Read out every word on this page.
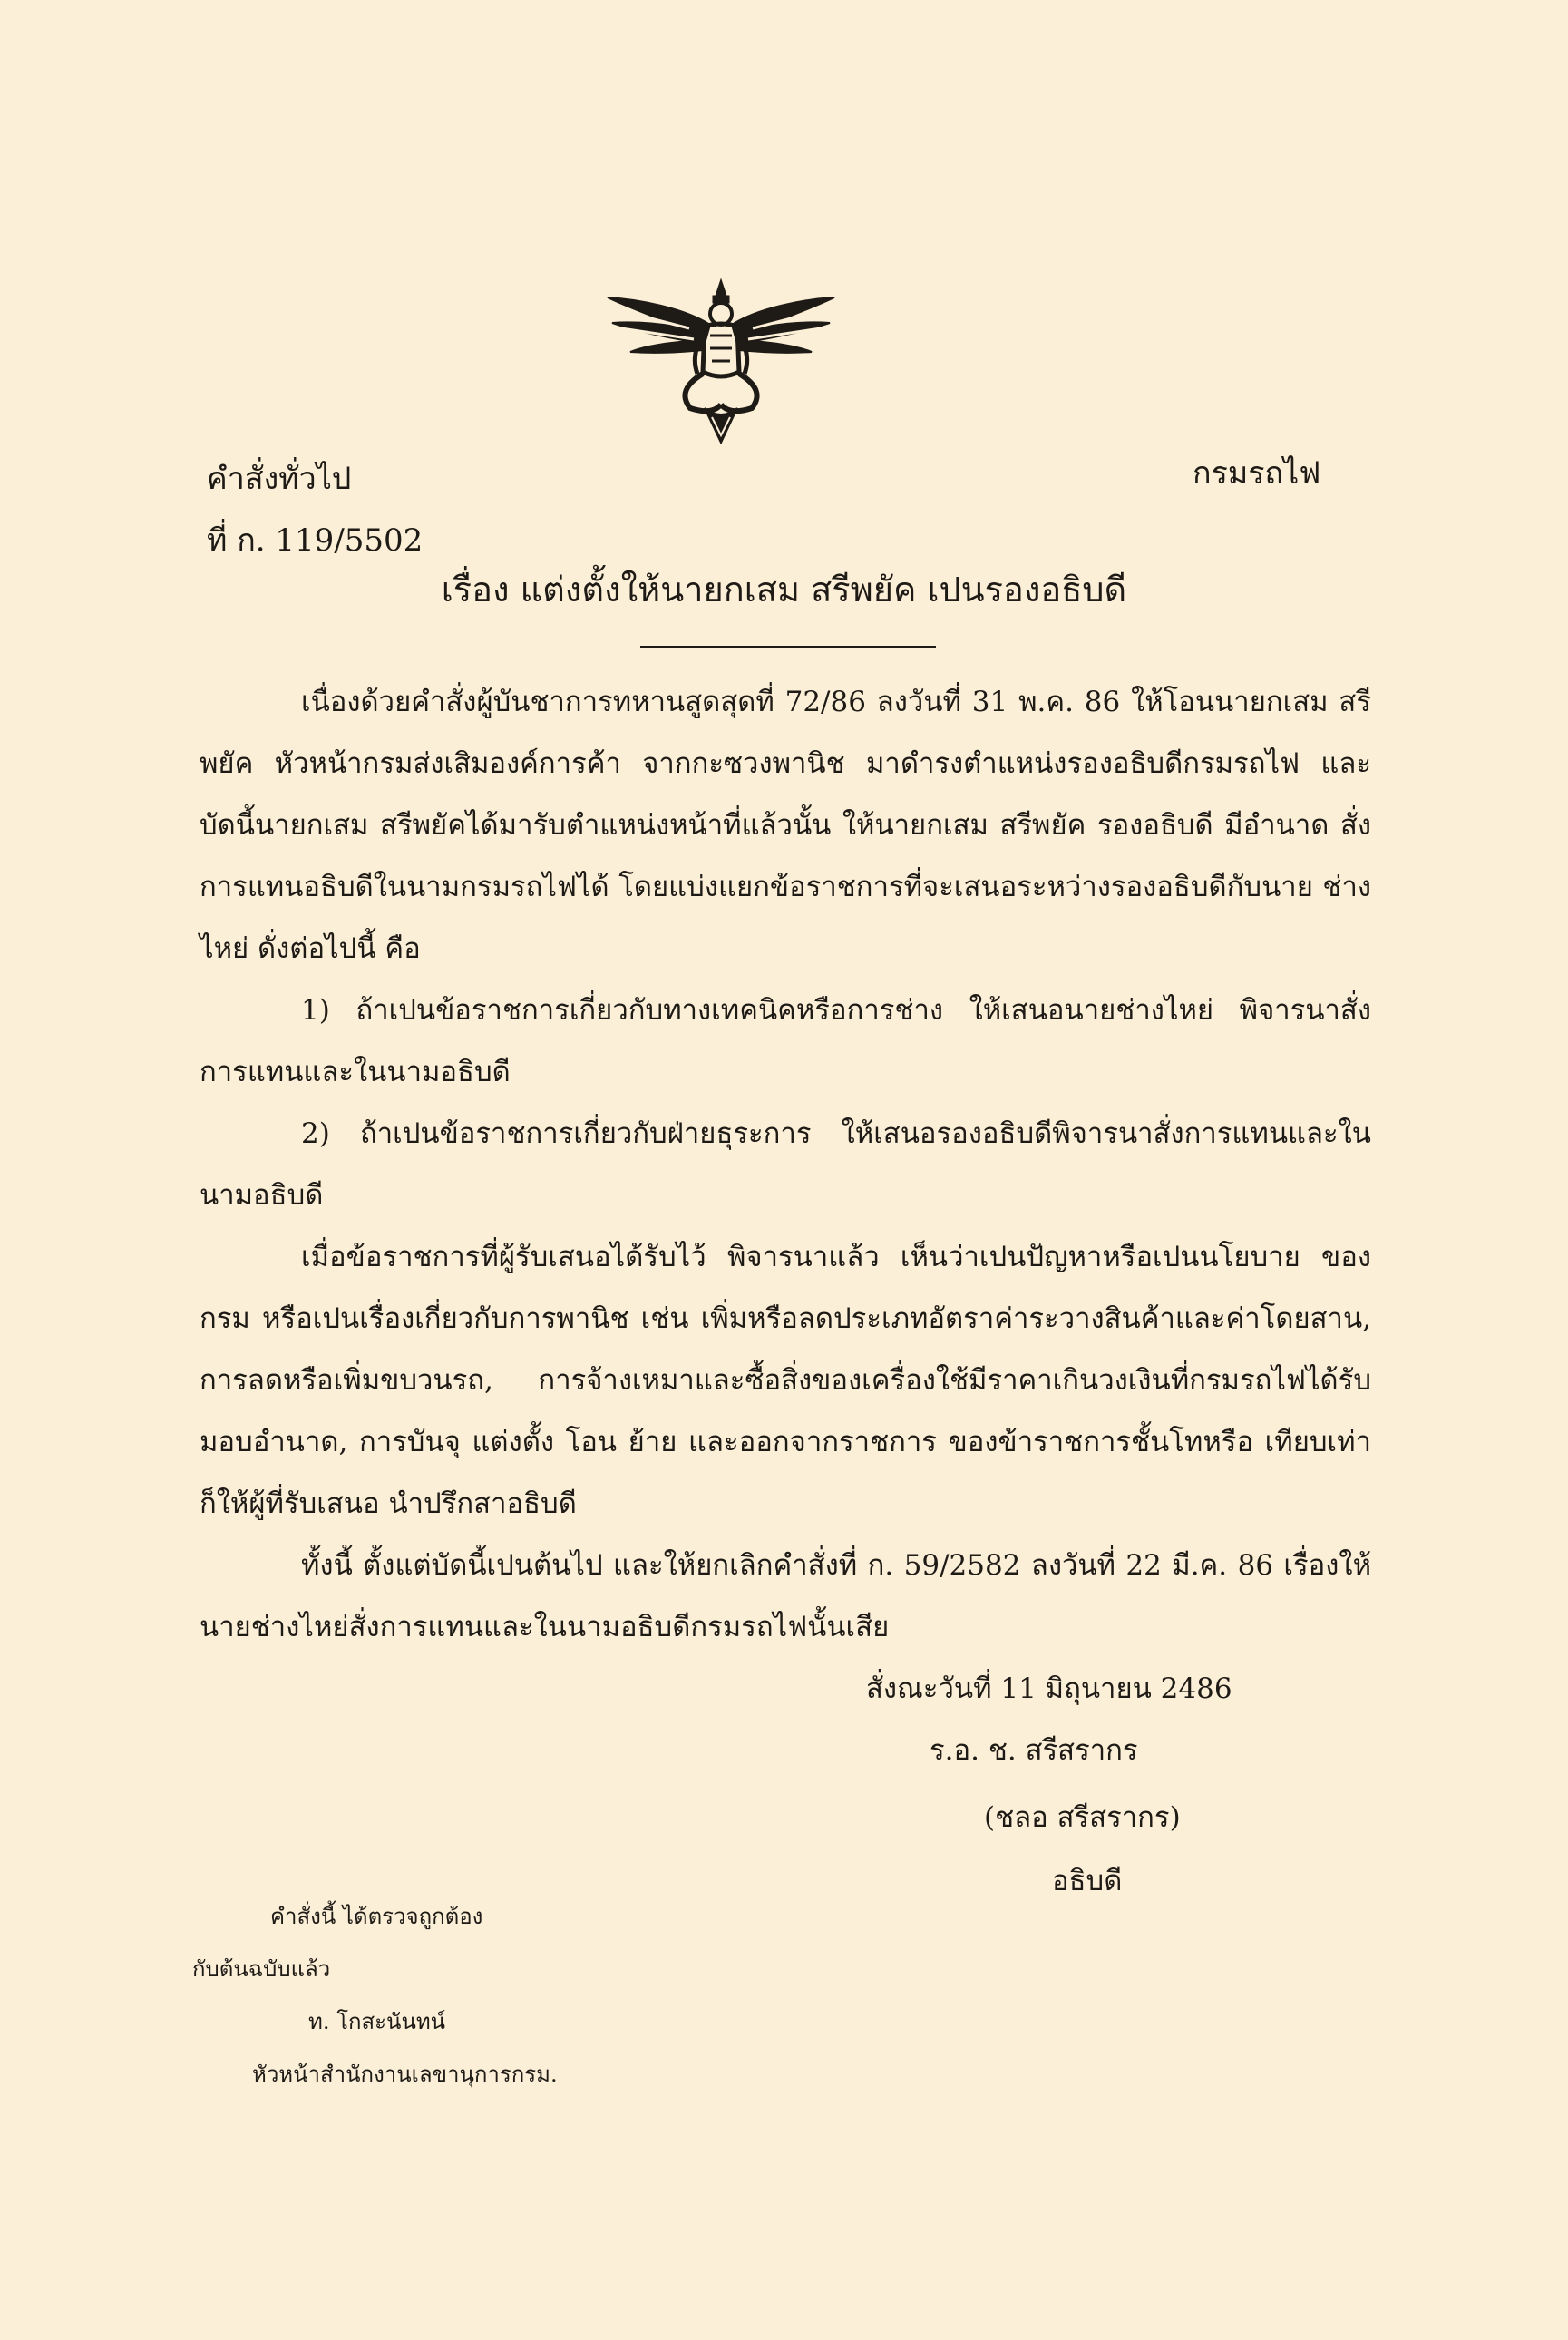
คำสั่งทั่วไป
ที่ ก. 119/5502
กรมรถไฟ
เรื่อง แต่งตั้งให้นายกเสม สรีพยัค เปนรองอธิบดี

เนื่องด้วยคำสั่งผู้บันชาการทหานสูดสุดที่ 72/86 ลงวันที่ 31 พ.ค. 86 ให้โอนนายกเสม สรีพยัค หัวหน้ากรมส่งเสิมองค์การค้า จากกะซวงพานิช มาดำรงตำแหน่งรองอธิบดีกรมรถไฟ และบัดนี้นายกเสม สรีพยัคได้มารับตำแหน่งหน้าที่แล้วนั้น ให้นายกเสม สรีพยัค รองอธิบดี มีอำนาด สั่งการแทนอธิบดีในนามกรมรถไฟได้ โดยแบ่งแยกข้อราชการที่จะเสนอระหว่างรองอธิบดีกับนาย ช่างไหย่ ดั่งต่อไปนี้ คือ

1) ถ้าเปนข้อราชการเกี่ยวกับทางเทคนิคหรือการช่าง ให้เสนอนายช่างไหย่ พิจารนาสั่ง การแทนและในนามอธิบดี

2) ถ้าเปนข้อราชการเกี่ยวกับฝ่ายธุระการ ให้เสนอรองอธิบดีพิจารนาสั่งการแทนและใน นามอธิบดี

เมื่อข้อราชการที่ผู้รับเสนอได้รับไว้ พิจารนาแล้ว เห็นว่าเปนปัญหาหรือเปนนโยบาย ของ กรม หรือเปนเรื่องเกี่ยวกับการพานิช เช่น เพิ่มหรือลดประเภทอัตราค่าระวางสินค้าและค่าโดยสาน, การลดหรือเพิ่มขบวนรถ, การจ้างเหมาและซื้อสิ่งของเครื่องใช้มีราคาเกินวงเงินที่กรมรถไฟได้รับมอบอำนาด, การบันจุ แต่งตั้ง โอน ย้าย และออกจากราชการ ของข้าราชการชั้นโทหรือ เทียบเท่า ก็ให้ผู้ที่รับเสนอ นำปรึกสาอธิบดี

ทั้งนี้ ตั้งแต่บัดนี้เปนต้นไป และให้ยกเลิกคำสั่งที่ ก. 59/2582 ลงวันที่ 22 มี.ค. 86 เรื่องให้นายช่างไหย่สั่งการแทนและในนามอธิบดีกรมรถไฟนั้นเสีย

สั่งณะวันที่ 11 มิถุนายน 2486
ร.อ. ช. สรีสรากร
(ชลอ สรีสรากร)
อธิบดี
คำสั่งนี้ ได้ตรวจถูกต้อง
กับต้นฉบับแล้ว
ท. โกสะนันทน์
หัวหน้าสำนักงานเลขานุการกรม.
